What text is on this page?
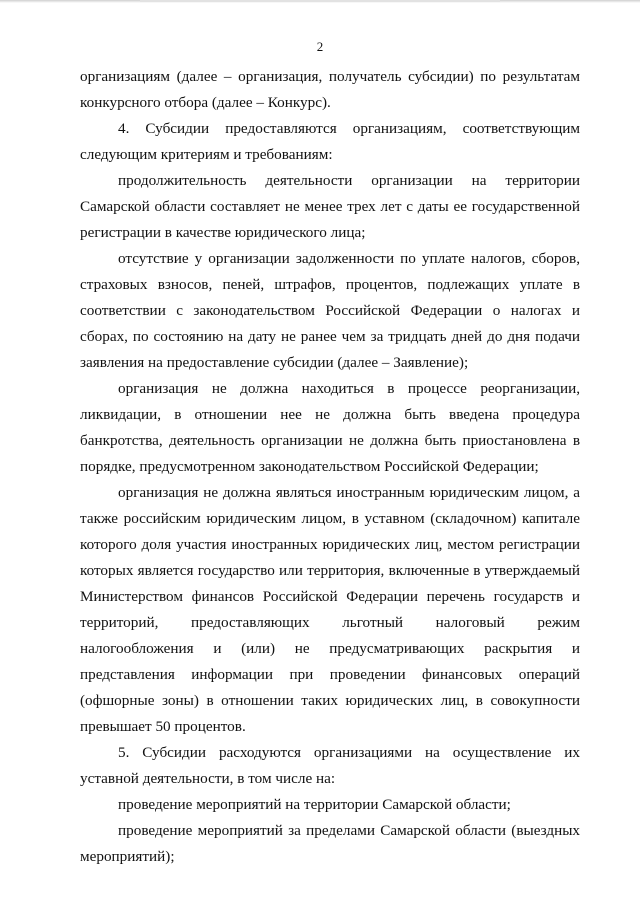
2

организациям (далее – организация, получатель субсидии) по результатам конкурсного отбора (далее – Конкурс).

4. Субсидии предоставляются организациям, соответствующим следующим критериям и требованиям:

продолжительность деятельности организации на территории Самарской области составляет не менее трех лет с даты ее государственной регистрации в качестве юридического лица;

отсутствие у организации задолженности по уплате налогов, сборов, страховых взносов, пеней, штрафов, процентов, подлежащих уплате в соответствии с законодательством Российской Федерации о налогах и сборах, по состоянию на дату не ранее чем за тридцать дней до дня подачи заявления на предоставление субсидии (далее – Заявление);

организация не должна находиться в процессе реорганизации, ликвидации, в отношении нее не должна быть введена процедура банкротства, деятельность организации не должна быть приостановлена в порядке, предусмотренном законодательством Российской Федерации;

организация не должна являться иностранным юридическим лицом, а также российским юридическим лицом, в уставном (складочном) капитале которого доля участия иностранных юридических лиц, местом регистрации которых является государство или территория, включенные в утверждаемый Министерством финансов Российской Федерации перечень государств и территорий, предоставляющих льготный налоговый режим налогообложения и (или) не предусматривающих раскрытия и представления информации при проведении финансовых операций (офшорные зоны) в отношении таких юридических лиц, в совокупности превышает 50 процентов.

5. Субсидии расходуются организациями на осуществление их уставной деятельности, в том числе на:

проведение мероприятий на территории Самарской области;

проведение мероприятий за пределами Самарской области (выездных мероприятий);
